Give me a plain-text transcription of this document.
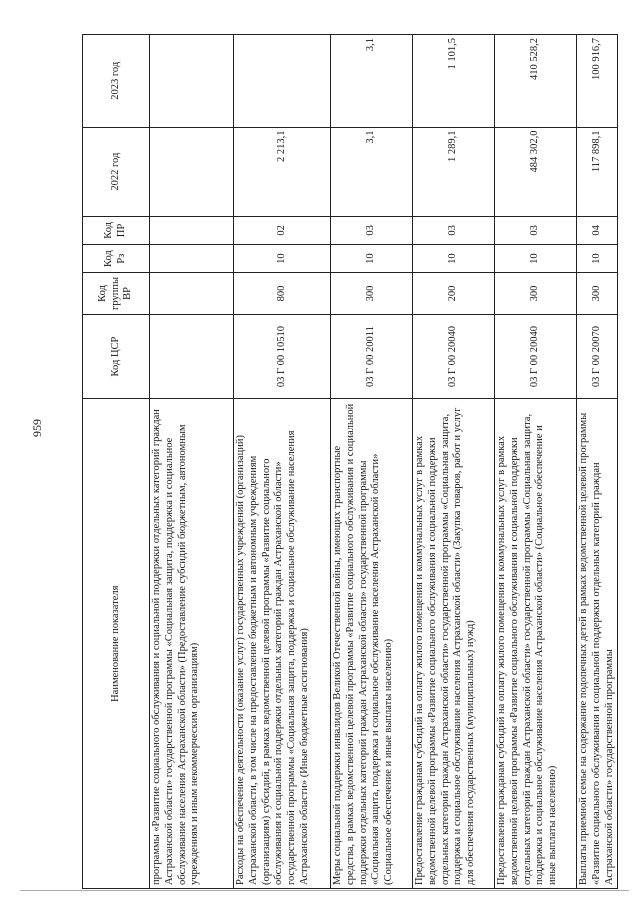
959
Наименование показателя	Код ЦСР	Код группы ВР	Код Рз	Код ПР	2022 год	2023 год
программы «Развитие социального обслуживания и социальной поддержки отдельных категорий граждан Астраханской области» государственной программы «Социальная защита, поддержка и социальное обслуживание населения Астраханской области» (Предоставление субсидий бюджетным, автономным учреждениям и иным некоммерческим организациям)						
Расходы на обеспечение деятельности (оказание услуг) государственных учреждений (организаций) Астраханской области, в том числе на предоставление бюджетным и автономным учреждениям (организациям) субсидий, в рамках ведомственной целевой программы «Развитие социального обслуживания и социальной поддержки отдельных категорий граждан Астраханской области» государственной программы «Социальная защита, поддержка и социальное обслуживание населения Астраханской области» (Иные бюджетные ассигнования)	03 Г 00 10510	800	10	02	2 213,1	
Меры социальной поддержки инвалидов Великой Отечественной войны, имеющих транспортные средства, в рамках ведомственной целевой программы «Развитие социального обслуживания и социальной поддержки отдельных категорий граждан Астраханской области» государственной программы «Социальная защита, поддержка и социальное обслуживание населения Астраханской области» (Социальное обеспечение и иные выплаты населению)	03 Г 00 20011	300	10	03	3,1	3,1
Предоставление гражданам субсидий на оплату жилого помещения и коммунальных услуг в рамках ведомственной целевой программы «Развитие социального обслуживания и социальной поддержки отдельных категорий граждан Астраханской области» государственной программы «Социальная защита, поддержка и социальное обслуживание населения Астраханской области» (Закупка товаров, работ и услуг для обеспечения государственных (муниципальных) нужд)	03 Г 00 20040	200	10	03	1 289,1	1 101,5
Предоставление гражданам субсидий на оплату жилого помещения и коммунальных услуг в рамках ведомственной целевой программы «Развитие социального обслуживания и социальной поддержки отдельных категорий граждан Астраханской области» государственной программы «Социальная защита, поддержка и социальное обслуживание населения Астраханской области» (Социальное обеспечение и иные выплаты населению)	03 Г 00 20040	300	10	03	484 302,0	410 528,2
Выплаты приемной семье на содержание подопечных детей в рамках ведомственной целевой программы «Развитие социального обслуживания и социальной поддержки отдельных категорий граждан Астраханской области» государственной программы	03 Г 00 20070	300	10	04	117 898,1	100 916,7
